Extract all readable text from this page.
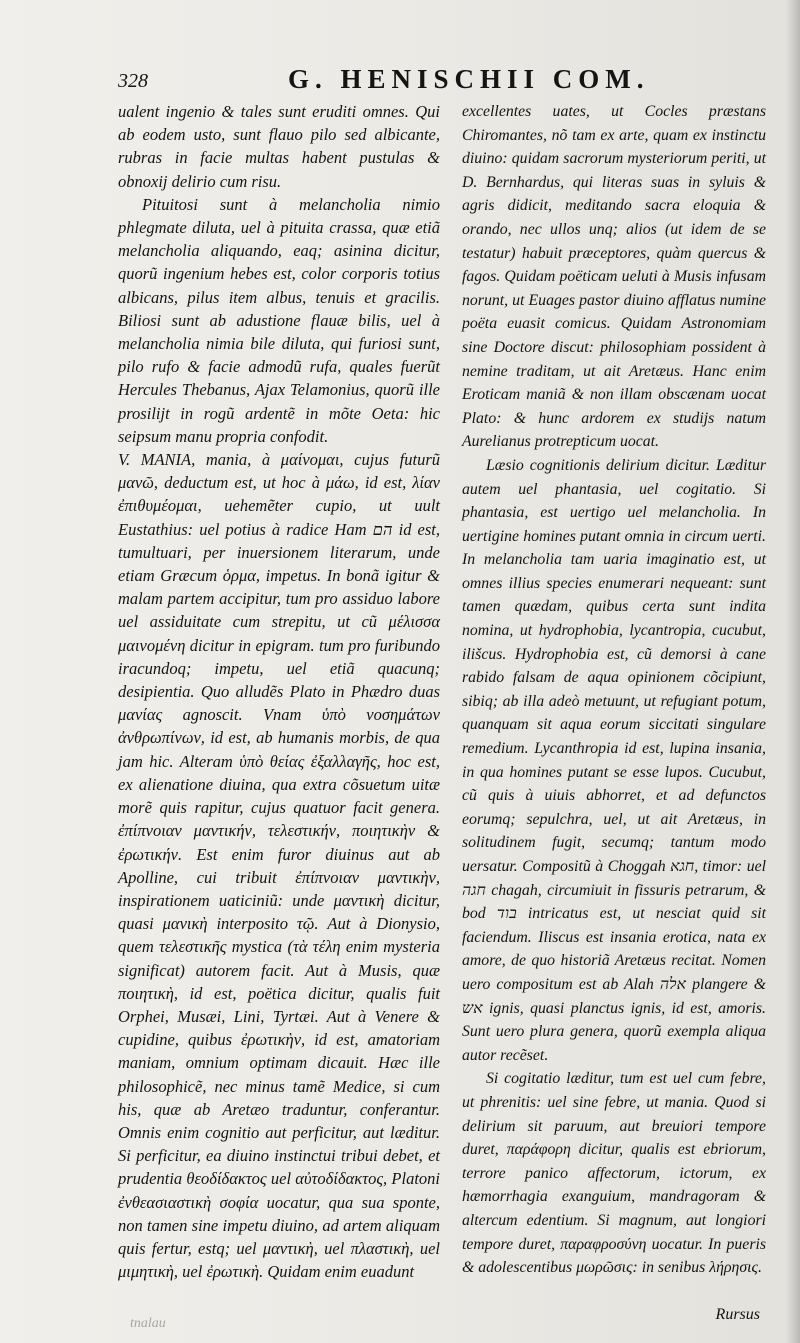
328	G. HENISCHII COM.

ualent ingenio & tales sunt eruditi omnes. Qui ab eodem usto, sunt flauo pilo sed albicante, rubras in facie multas habent pustulas & obnoxij delirio cum risu.

Pituitosi sunt à melancholia nimio phlegmate diluta, uel à pituita crassa, quæ etiã melancholia aliquando, eaq; asinina dicitur, quorũ ingenium hebes est, color corporis totius albicans, pilus item albus, tenuis et gracilis. Biliosi sunt ab adustione flauæ bilis, uel à melancholia nimia bile diluta, qui furiosi sunt, pilo rufo & facie admodũ rufa, quales fuerũt Hercules Thebanus, Ajax Telamonius, quorũ ille prosilijt in rogũ ardentẽ in mõte Oeta: hic seipsum manu propria confodit.

V. MANIA, mania, à μαίνομαι, cujus futurũ μανῶ, deductum est, ut hoc à μάω, id est, λίαν ἐπιθυμέομαι, uehemẽter cupio, ut uult Eustathius: uel potius à radice Ham הם id est, tumultuari, per inuersionem literarum, unde etiam Græcum ὁρμα, impetus. In bonã igitur & malam partem accipitur, tum pro assiduo labore uel assiduitate cum strepitu, ut cũ μέλισσα μαινομένη dicitur in epigram. tum pro furibundo iracundoq; impetu, uel etiã quacunq; desipientia. Quo alludẽs Plato in Phædro duas μανίας agnoscit. Vnam ὑπὸ νοσημάτων ἀνθρωπίνων, id est, ab humanis morbis, de qua jam hic. Alteram ὑπὸ θείας ἐξαλλαγῆς, hoc est, ex alienatione diuina, qua extra cõsuetum uitæ morẽ quis rapitur, cujus quatuor facit genera. ἐπίπνοιαν μαντικήν, τελεστικήν, ποιητικὴν & ἐρωτικήν. Est enim furor diuinus aut ab Apolline, cui tribuit ἐπίπνοιαν μαντικὴν, inspirationem uaticiniũ: unde μαντικὴ dicitur, quasi μανικὴ interposito τῷ. Aut à Dionysio, quem τελεστικῆς mystica (τὰ τέλη enim mysteria significat) autorem facit. Aut à Musis, quæ ποιητικὴ, id est, poëtica dicitur, qualis fuit Orphei, Musæi, Lini, Tyrtæi. Aut à Venere & cupidine, quibus ἐρωτικὴν, id est, amatoriam maniam, omnium optimam dicauit. Hæc ille philosophicẽ, nec minus tamẽ Medice, si cum his, quæ ab Aretæo traduntur, conferantur. Omnis enim cognitio aut perficitur, aut læditur. Si perficitur, ea diuino instinctui tribui debet, et prudentia θεοδίδακτος uel αὐτοδίδακτος, Platoni ἐνθεασιαστικὴ σοφία uocatur, qua sua sponte, non tamen sine impetu diuino, ad artem aliquam quis fertur, estq; uel μαντικὴ, uel πλαστικὴ, uel μιμητικὴ, uel ἐρωτικὴ. Quidam enim euadunt

excellentes uates, ut Cocles præstans Chiromantes, nõ tam ex arte, quam ex instinctu diuino: quidam sacrorum mysteriorum periti, ut D. Bernhardus, qui literas suas in syluis & agris didicit, meditando sacra eloquia & orando, nec ullos unq; alios (ut idem de se testatur) habuit præceptores, quàm quercus & fagos. Quidam poëticam ueluti à Musis infusam norunt, ut Euages pastor diuino afflatus numine poëta euasit comicus. Quidam Astronomiam sine Doctore discut: philosophiam possident à nemine traditam, ut ait Aretæus. Hanc enim Eroticam maniã & non illam obscænam uocat Plato: & hunc ardorem ex studijs natum Aurelianus protrepticum uocat.

Læsio cognitionis delirium dicitur. Læditur autem uel phantasia, uel cogitatio. Si phantasia, est uertigo uel melancholia. In uertigine homines putant omnia in circum uerti. In melancholia tam uaria imaginatio est, ut omnes illius species enumerari nequeant: sunt tamen quædam, quibus certa sunt indita nomina, ut hydrophobia, lycantropia, cucubut, ilišcus. Hydrophobia est, cũ demorsi à cane rabido falsam de aqua opinionem cõcipiunt, sibiq; ab illa adeò metuunt, ut refugiant potum, quanquam sit aqua eorum siccitati singulare remedium. Lycanthropia id est, lupina insania, in qua homines putant se esse lupos. Cucubut, cũ quis à uiuis abhorret, et ad defunctos eorumq; sepulchra, uel, ut ait Aretæus, in solitudinem fugit, secumq; tantum modo uersatur. Compositũ à Choggah חגא, timor: uel חגה chagah, circumiuit in fissuris petrarum, & bod בוד intricatus est, ut nesciat quid sit faciendum. Iliscus est insania erotica, nata ex amore, de quo historiã Aretæus recitat. Nomen uero compositum est ab Alah אלה plangere & אש ignis, quasi planctus ignis, id est, amoris. Sunt uero plura genera, quorũ exempla aliqua autor recẽset.

Si cogitatio læditur, tum est uel cum febre, ut phrenitis: uel sine febre, ut mania. Quod si delirium sit paruum, aut breuiori tempore duret, παράφορη dicitur, qualis est ebriorum, terrore panico affectorum, ictorum, ex hæmorrhagia exanguium, mandragoram & altercum edentium. Si magnum, aut longiori tempore duret, παραφροσύνη uocatur. In pueris & adolescentibus μωρῶσις: in senibus λήρησις.

tnalau
Rursus
